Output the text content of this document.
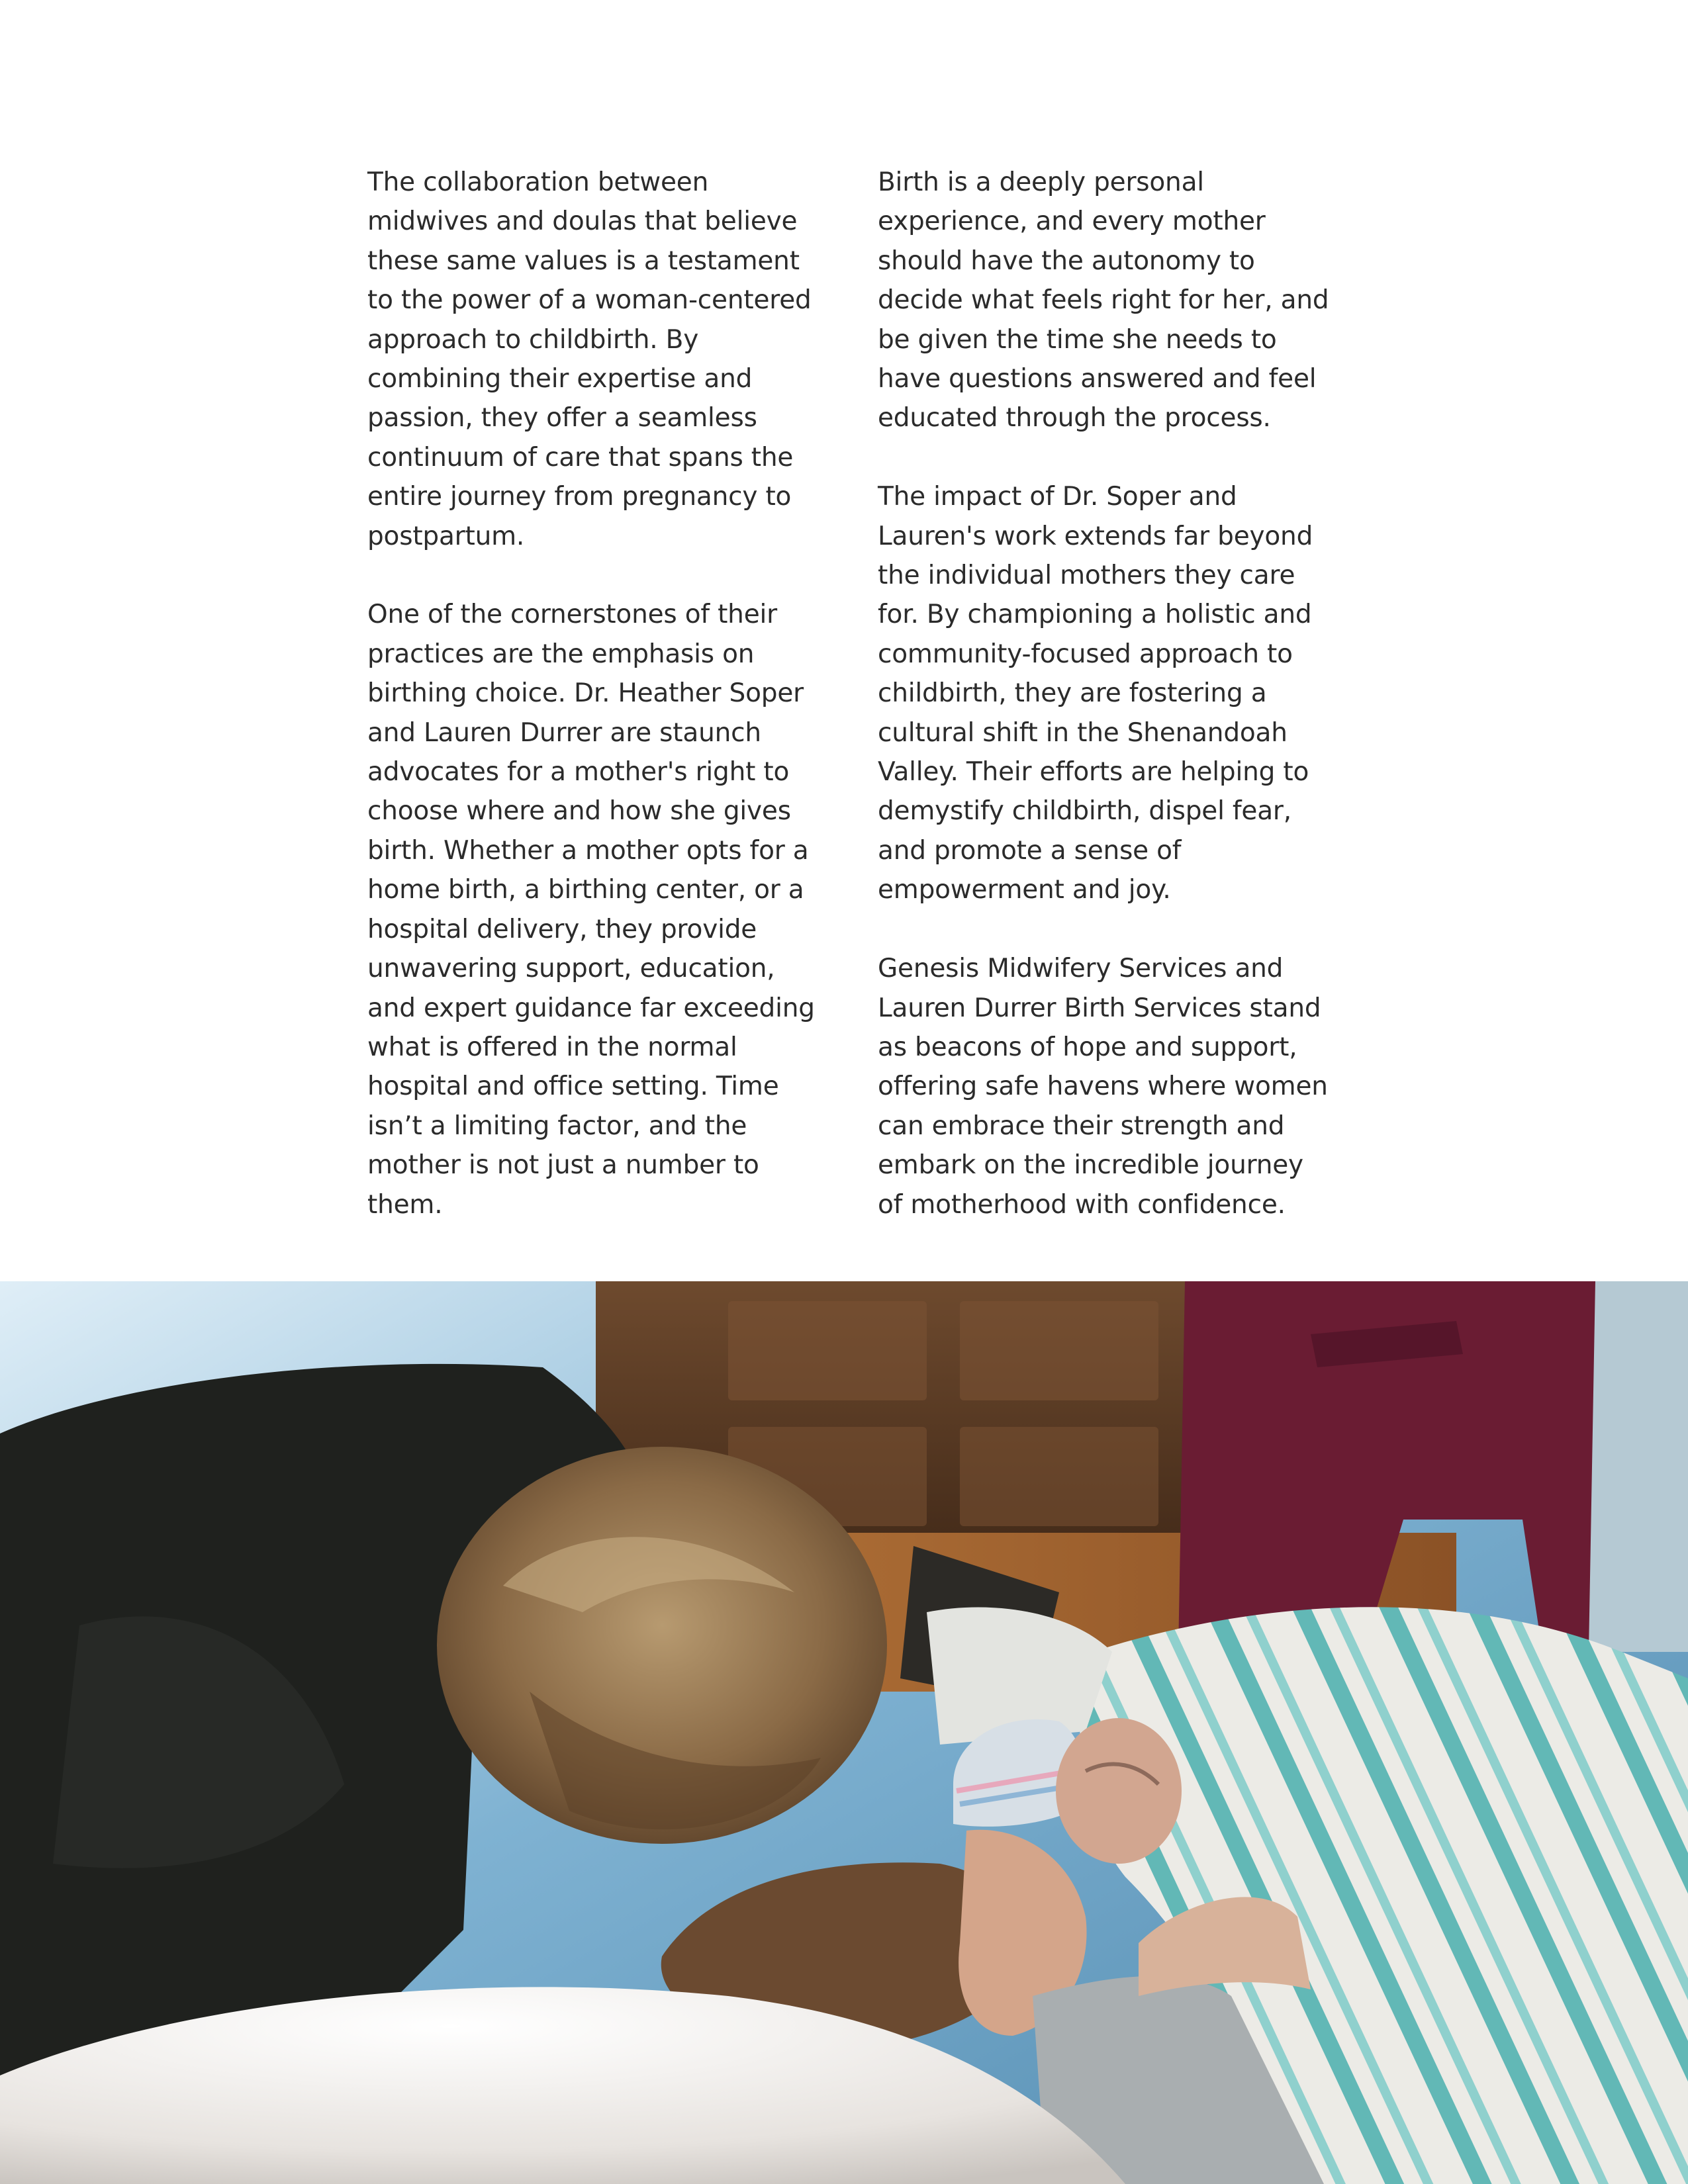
The collaboration between midwives and doulas that believe these same values is a testament to the power of a woman-centered approach to childbirth. By combining their expertise and passion, they offer a seamless continuum of care that spans the entire journey from pregnancy to postpartum.

One of the cornerstones of their practices are the emphasis on birthing choice. Dr. Heather Soper and Lauren Durrer are staunch advocates for a mother's right to choose where and how she gives birth. Whether a mother opts for a home birth, a birthing center, or a hospital delivery, they provide unwavering support, education, and expert guidance far exceeding what is offered in the normal hospital and office setting. Time isn’t a limiting factor, and the mother is not just a number to them.

Birth is a deeply personal experience, and every mother should have the autonomy to decide what feels right for her, and be given the time she needs to have questions answered and feel educated through the process.

The impact of Dr. Soper and Lauren's work extends far beyond the individual mothers they care for. By championing a holistic and community-focused approach to childbirth, they are fostering a cultural shift in the Shenandoah Valley. Their efforts are helping to demystify childbirth, dispel fear, and promote a sense of empowerment and joy.

Genesis Midwifery Services and Lauren Durrer Birth Services stand as beacons of hope and support, offering safe havens where women can embrace their strength and embark on the incredible journey of motherhood with confidence.
